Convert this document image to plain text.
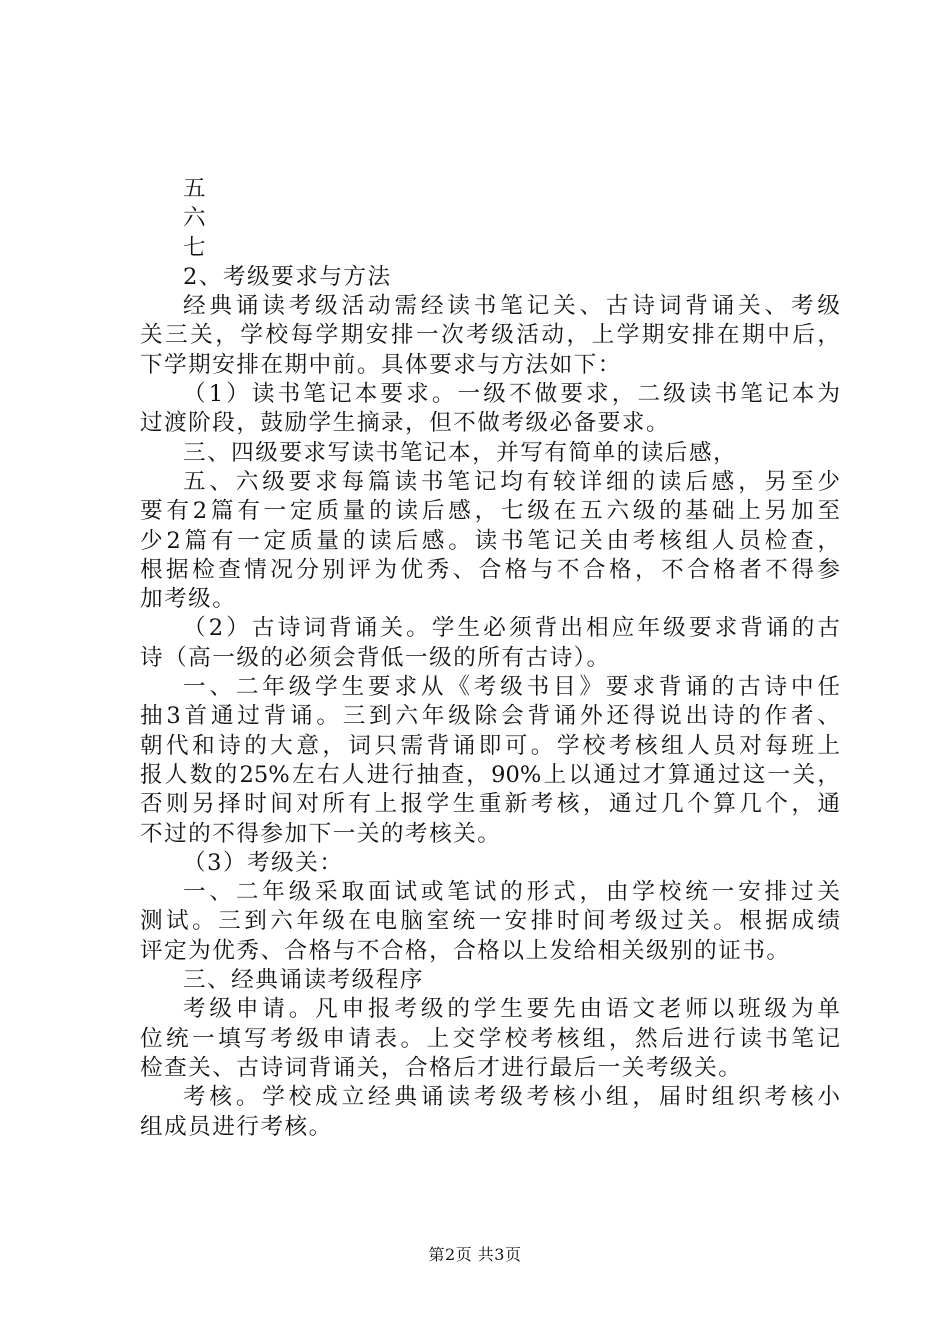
五

六

七

2、考级要求与方法

经典诵读考级活动需经读书笔记关、古诗词背诵关、考级

关三关，学校每学期安排一次考级活动，上学期安排在期中后，

下学期安排在期中前。具体要求与方法如下：

（1）读书笔记本要求。一级不做要求，二级读书笔记本为

过渡阶段，鼓励学生摘录，但不做考级必备要求。

三、四级要求写读书笔记本，并写有简单的读后感，

五、六级要求每篇读书笔记均有较详细的读后感，另至少

要有2篇有一定质量的读后感，七级在五六级的基础上另加至

少2篇有一定质量的读后感。读书笔记关由考核组人员检查，

根据检查情况分别评为优秀、合格与不合格，不合格者不得参

加考级。

（2）古诗词背诵关。学生必须背出相应年级要求背诵的古

诗（高一级的必须会背低一级的所有古诗）。

一、二年级学生要求从《考级书目》要求背诵的古诗中任

抽3首通过背诵。三到六年级除会背诵外还得说出诗的作者、

朝代和诗的大意，词只需背诵即可。学校考核组人员对每班上

报人数的25%左右人进行抽查，90%上以通过才算通过这一关，

否则另择时间对所有上报学生重新考核，通过几个算几个，通

不过的不得参加下一关的考核关。

（3）考级关：

一、二年级采取面试或笔试的形式，由学校统一安排过关

测试。三到六年级在电脑室统一安排时间考级过关。根据成绩

评定为优秀、合格与不合格，合格以上发给相关级别的证书。

三、经典诵读考级程序

考级申请。凡申报考级的学生要先由语文老师以班级为单

位统一填写考级申请表。上交学校考核组，然后进行读书笔记

检查关、古诗词背诵关，合格后才进行最后一关考级关。

考核。学校成立经典诵读考级考核小组，届时组织考核小

组成员进行考核。

第2页 共3页
